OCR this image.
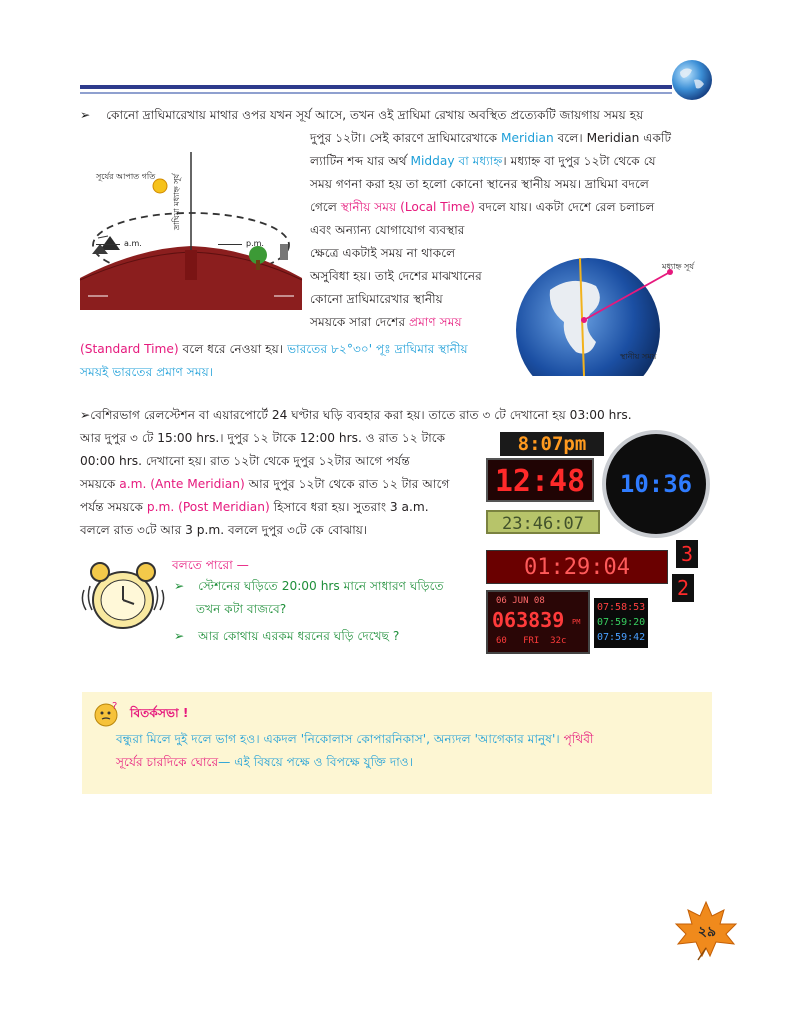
➢ কোনো দ্রাঘিমারেখায় মাথার ওপর যখন সূর্য আসে, তখন ওই দ্রাঘিমা রেখায় অবস্থিত প্রত্যেকটি জায়গায় সময় হয়
দুপুর ১২টা। সেই কারণে দ্রাঘিমারেখাকে Meridian বলে। Meridian একটি
ল্যাটিন শব্দ যার অর্থ Midday বা মধ্যাহ্ন। মধ্যাহ্ন বা দুপুর ১২টা থেকে যে
সময় গণনা করা হয় তা হলো কোনো স্থানের স্থানীয় সময়। দ্রাঘিমা বদলে
গেলে স্থানীয় সময় (Local Time) বদলে যায়। একটা দেশে রেল চলাচল
এবং অন্যান্য যোগাযোগ ব্যবস্থার
ক্ষেত্রে একটাই সময় না থাকলে
অসুবিধা হয়। তাই দেশের মাঝখানের
কোনো দ্রাঘিমারেখার স্থানীয়
সময়কে সারা দেশের প্রমাণ সময়
(Standard Time) বলে ধরে নেওয়া হয়। ভারতের ৮২°৩০' পূঃ দ্রাঘিমার স্থানীয়
সময়ই ভারতের প্রমাণ সময়।
সূর্যের আপাত গতি দ্রাঘিমা মধ্যাহ্ন সূর্য
a.m.	p.m.
মধ্যাহ্ন সূর্য
স্থানীয় সময়
➢বেশিরভাগ রেলস্টেশন বা এয়ারপোর্টে 24 ঘণ্টার ঘড়ি ব্যবহার করা হয়। তাতে রাত ৩ টে দেখানো হয় 03:00 hrs.
আর দুপুর ৩ টে 15:00 hrs.। দুপুর ১২ টাকে 12:00 hrs. ও রাত ১২ টাকে
00:00 hrs. দেখানো হয়। রাত ১২টা থেকে দুপুর ১২টার আগে পর্যন্ত
সময়কে a.m. (Ante Meridian) আর দুপুর ১২টা থেকে রাত ১২ টার আগে
পর্যন্ত সময়কে p.m. (Post Meridian) হিসাবে ধরা হয়। সুতরাং 3 a.m.
বললে রাত ৩টে আর 3 p.m. বললে দুপুর ৩টে কে বোঝায়।
8:07pm
12:48	10:36
23:46:07
01:29:04
3
2
06 JUN 08
063839 PM
60   FRI  32c
07:58:53
07:59:20
07:59:42
বলতে পারো —
➢ স্টেশনের ঘড়িতে 20:00 hrs মানে সাধারণ ঘড়িতে
তখন কটা বাজবে?
➢ আর কোথায় এরকম ধরনের ঘড়ি দেখেছ ?
? বিতর্কসভা !
বন্ধুরা মিলে দুই দলে ভাগ হও। একদল 'নিকোলাস কোপারনিকাস', অন্যদল 'আগেকার মানুষ'। পৃথিবী
সূর্যের চারদিকে ঘোরে— এই বিষয়ে পক্ষে ও বিপক্ষে যুক্তি দাও।
২৯
